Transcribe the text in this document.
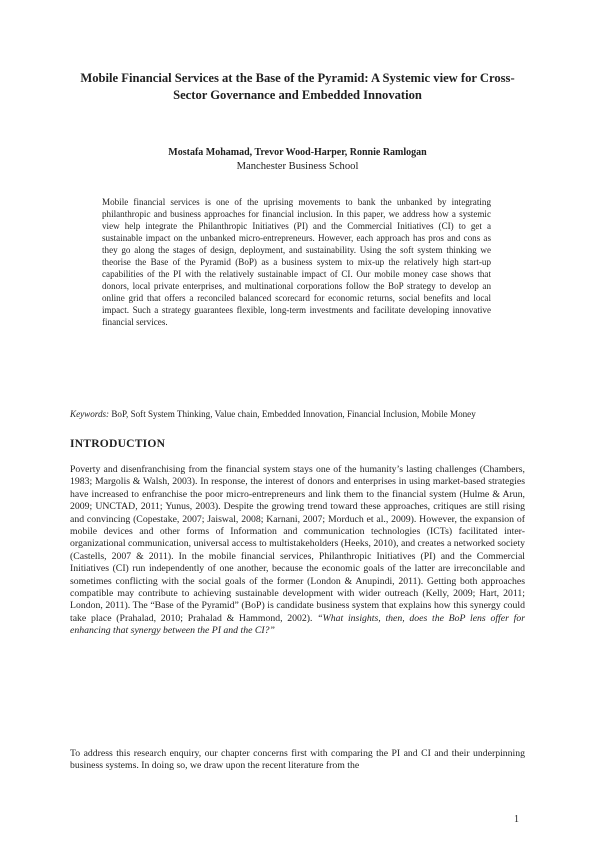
Mobile Financial Services at the Base of the Pyramid: A Systemic view for Cross-Sector Governance and Embedded Innovation
Mostafa Mohamad, Trevor Wood-Harper, Ronnie Ramlogan
Manchester Business School

Mobile financial services is one of the uprising movements to bank the unbanked by integrating philanthropic and business approaches for financial inclusion. In this paper, we address how a systemic view help integrate the Philanthropic Initiatives (PI) and the Commercial Initiatives (CI) to get a sustainable impact on the unbanked micro-entrepreneurs. However, each approach has pros and cons as they go along the stages of design, deployment, and sustainability. Using the soft system thinking we theorise the Base of the Pyramid (BoP) as a business system to mix-up the relatively high start-up capabilities of the PI with the relatively sustainable impact of CI. Our mobile money case shows that donors, local private enterprises, and multinational corporations follow the BoP strategy to develop an online grid that offers a reconciled balanced scorecard for economic returns, social benefits and local impact. Such a strategy guarantees flexible, long-term investments and facilitate developing innovative financial services.

Keywords: BoP, Soft System Thinking, Value chain, Embedded Innovation, Financial Inclusion, Mobile Money

INTRODUCTION

Poverty and disenfranchising from the financial system stays one of the humanity’s lasting challenges (Chambers, 1983; Margolis & Walsh, 2003). In response, the interest of donors and enterprises in using market-based strategies have increased to enfranchise the poor micro-entrepreneurs and link them to the financial system (Hulme & Arun, 2009; UNCTAD, 2011; Yunus, 2003). Despite the growing trend toward these approaches, critiques are still rising and convincing (Copestake, 2007; Jaiswal, 2008; Karnani, 2007; Morduch et al., 2009). However, the expansion of mobile devices and other forms of Information and communication technologies (ICTs) facilitated inter-organizational communication, universal access to multistakeholders (Heeks, 2010), and creates a networked society (Castells, 2007 & 2011). In the mobile financial services, Philanthropic Initiatives (PI) and the Commercial Initiatives (CI) run independently of one another, because the economic goals of the latter are irreconcilable and sometimes conflicting with the social goals of the former (London & Anupindi, 2011). Getting both approaches compatible may contribute to achieving sustainable development with wider outreach (Kelly, 2009; Hart, 2011; London, 2011). The “Base of the Pyramid” (BoP) is candidate business system that explains how this synergy could take place (Prahalad, 2010; Prahalad & Hammond, 2002). “What insights, then, does the BoP lens offer for enhancing that synergy between the PI and the CI?”

To address this research enquiry, our chapter concerns first with comparing the PI and CI and their underpinning business systems. In doing so, we draw upon the recent literature from the

1
